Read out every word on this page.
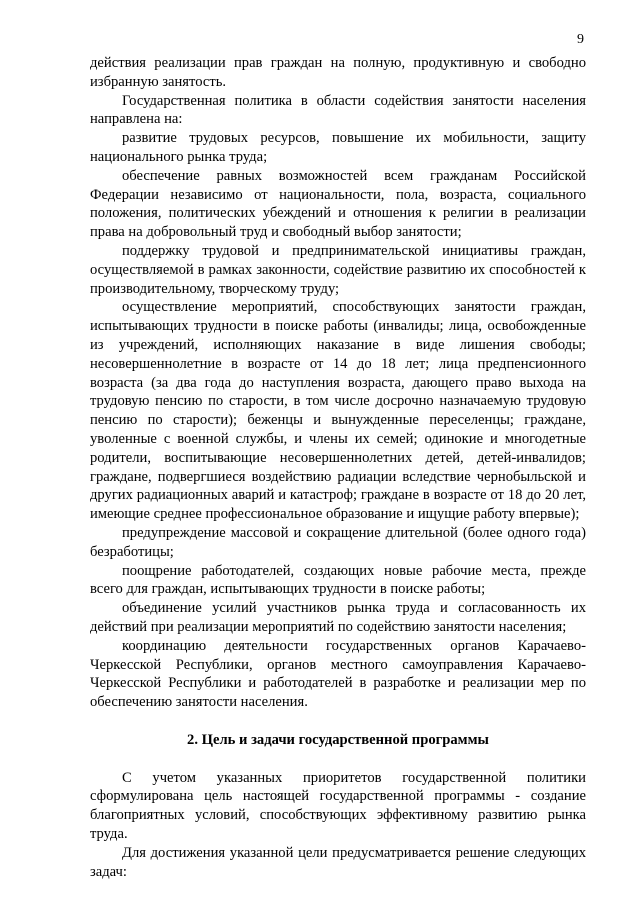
9

действия реализации прав граждан на полную, продуктивную и свободно избранную занятость.

Государственная политика в области содействия занятости населения направлена на:

развитие трудовых ресурсов, повышение их мобильности, защиту национального рынка труда;

обеспечение равных возможностей всем гражданам Российской Федерации независимо от национальности, пола, возраста, социального положения, политических убеждений и отношения к религии в реализации права на добровольный труд и свободный выбор занятости;

поддержку трудовой и предпринимательской инициативы граждан, осуществляемой в рамках законности, содействие развитию их способностей к производительному, творческому труду;

осуществление мероприятий, способствующих занятости граждан, испытывающих трудности в поиске работы (инвалиды; лица, освобожденные из учреждений, исполняющих наказание в виде лишения свободы; несовершеннолетние в возрасте от 14 до 18 лет; лица предпенсионного возраста (за два года до наступления возраста, дающего право выхода на трудовую пенсию по старости, в том числе досрочно назначаемую трудовую пенсию по старости); беженцы и вынужденные переселенцы; граждане, уволенные с военной службы, и члены их семей; одинокие и многодетные родители, воспитывающие несовершеннолетних детей, детей-инвалидов; граждане, подвергшиеся воздействию радиации вследствие чернобыльской и других радиационных аварий и катастроф; граждане в возрасте от 18 до 20 лет, имеющие среднее профессиональное образование и ищущие работу впервые);

предупреждение массовой и сокращение длительной (более одного года) безработицы;

поощрение работодателей, создающих новые рабочие места, прежде всего для граждан, испытывающих трудности в поиске работы;

объединение усилий участников рынка труда и согласованность их действий при реализации мероприятий по содействию занятости населения;

координацию деятельности государственных органов Карачаево-Черкесской Республики, органов местного самоуправления Карачаево-Черкесской Республики и работодателей в разработке и реализации мер по обеспечению занятости населения.

2. Цель и задачи государственной программы

С учетом указанных приоритетов государственной политики сформулирована цель настоящей государственной программы - создание благоприятных условий, способствующих эффективному развитию рынка труда.

Для достижения указанной цели предусматривается решение следующих задач:
